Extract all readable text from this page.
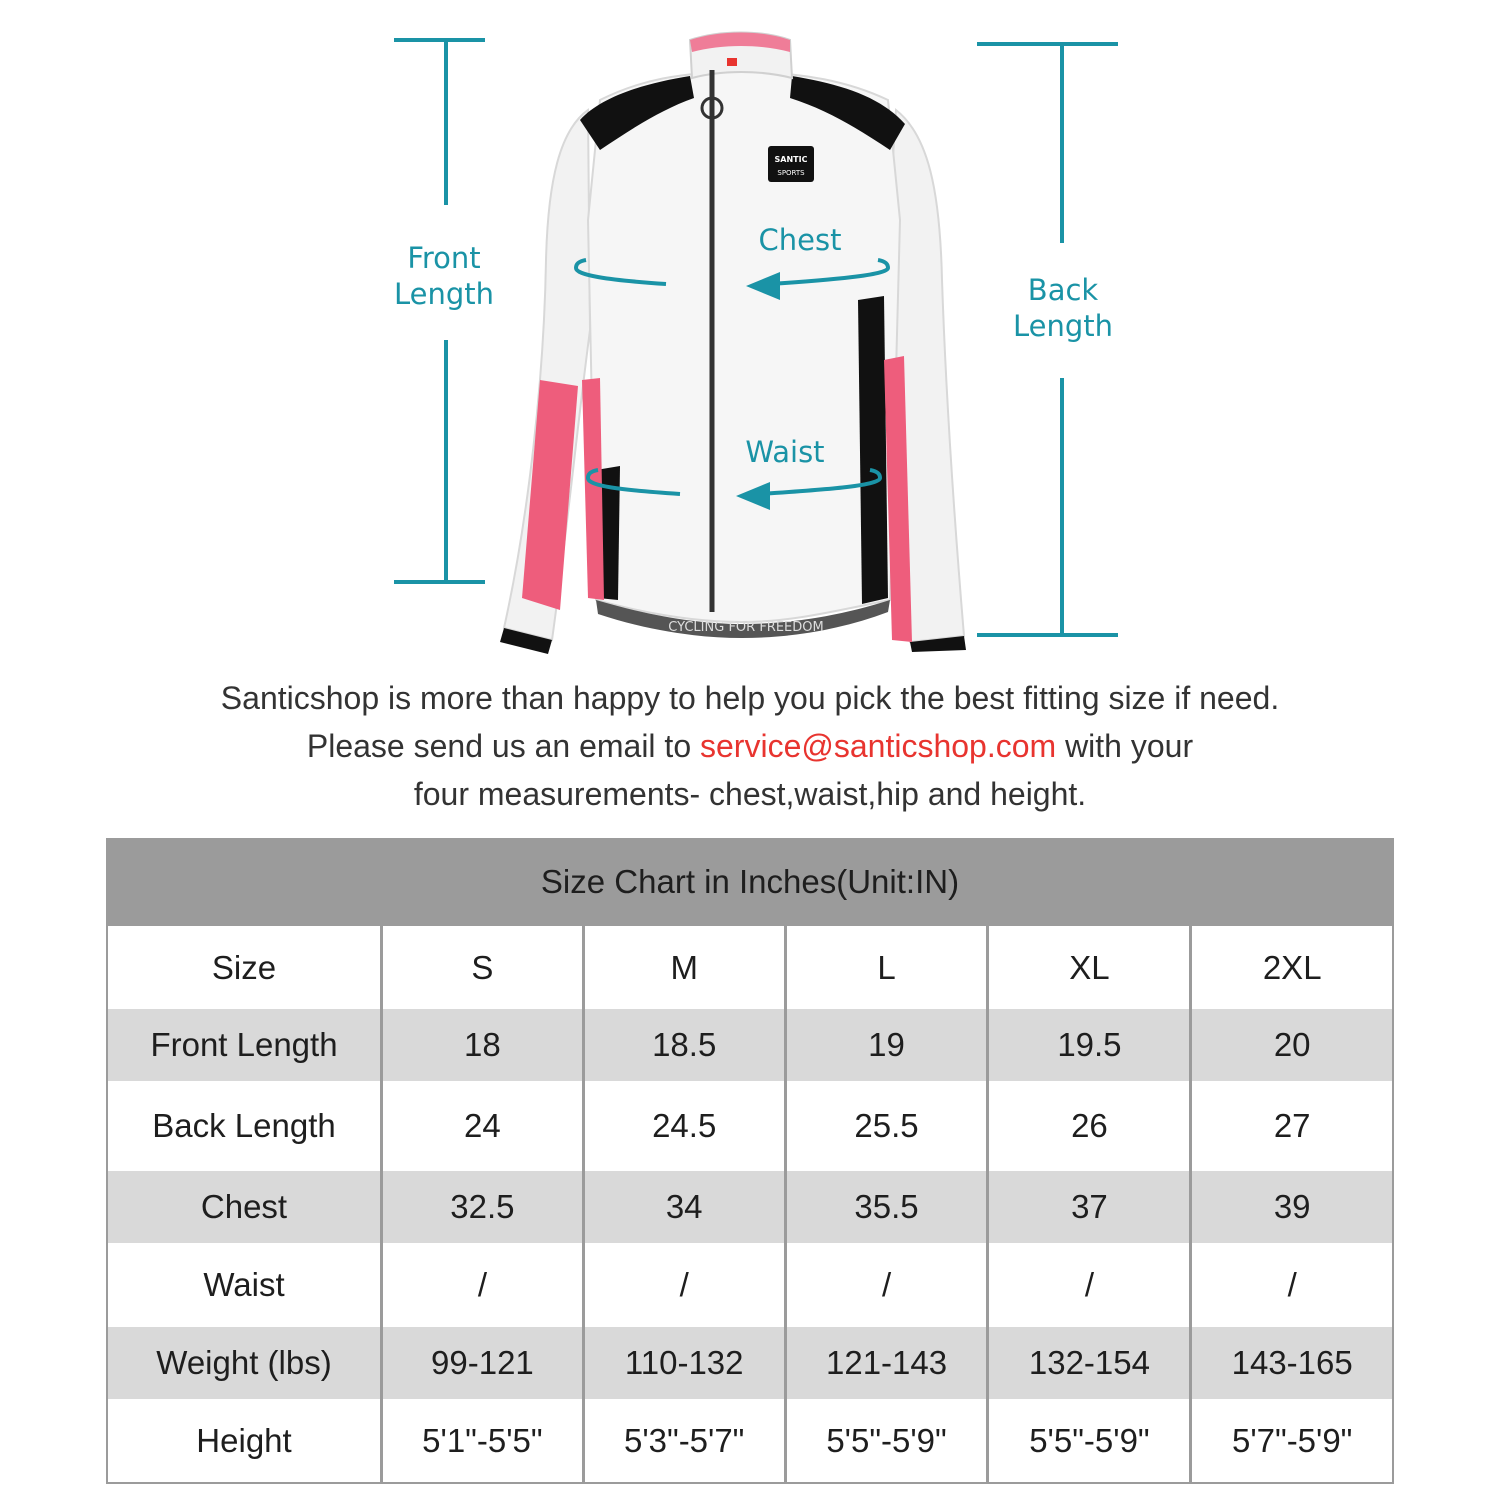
SANTIC
SPORTS
CYCLING FOR FREEDOM
Front
Length	Back
Length
Chest
Waist
Santicshop is more than happy to help you pick the best fitting size if need.
Please send us an email to service@santicshop.com with your
four measurements- chest,waist,hip and height.
Size Chart in Inches(Unit:IN)					
Size	S	M	L	XL	2XL
Front Length	18	18.5	19	19.5	20
Back Length	24	24.5	25.5	26	27
Chest	32.5	34	35.5	37	39
Waist	/	/	/	/	/
Weight (lbs)	99-121	110-132	121-143	132-154	143-165
Height	5'1"-5'5"	5'3"-5'7"	5'5"-5'9"	5'5"-5'9"	5'7"-5'9"
